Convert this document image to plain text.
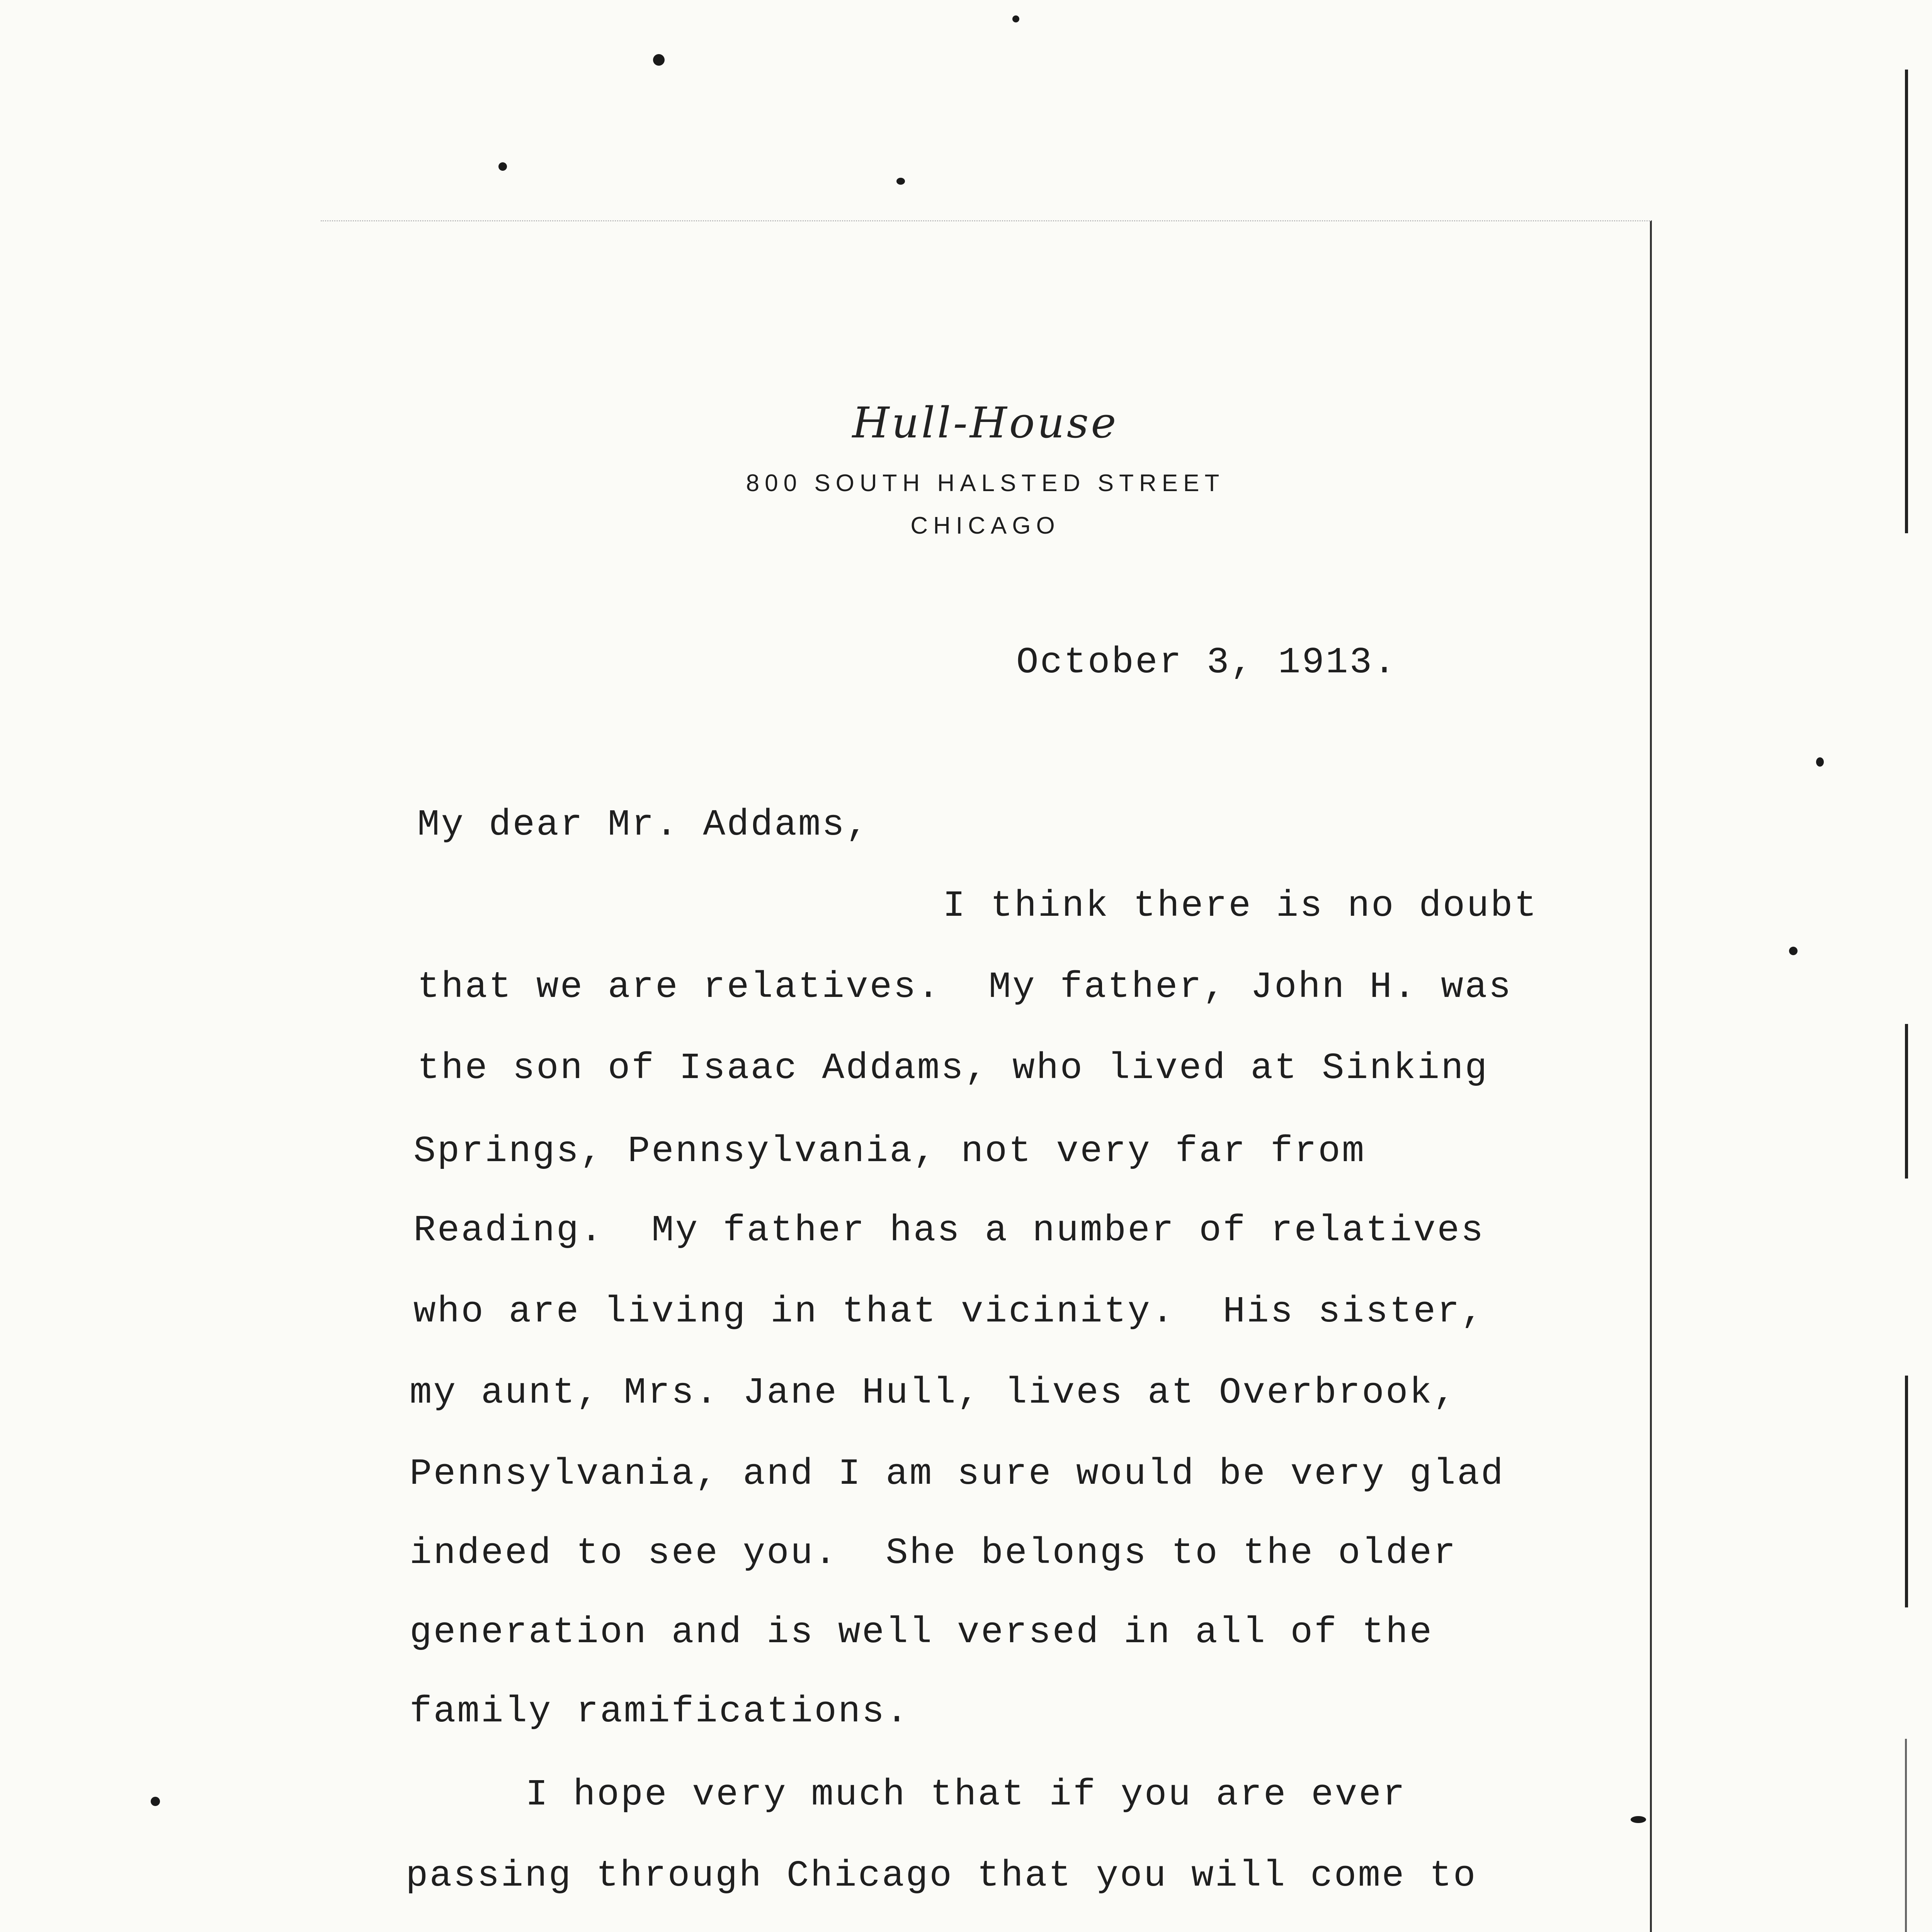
Hull-House
800 SOUTH HALSTED STREET
CHICAGO
October 3, 1913.
My dear Mr. Addams,
I think there is no doubt
that we are relatives.  My father, John H. was
the son of Isaac Addams, who lived at Sinking
Springs, Pennsylvania, not very far from
Reading.  My father has a number of relatives
who are living in that vicinity.  His sister,
my aunt, Mrs. Jane Hull, lives at Overbrook,
Pennsylvania, and I am sure would be very glad
indeed to see you.  She belongs to the older
generation and is well versed in all of the
family ramifications.
I hope very much that if you are ever
passing through Chicago that you will come to
